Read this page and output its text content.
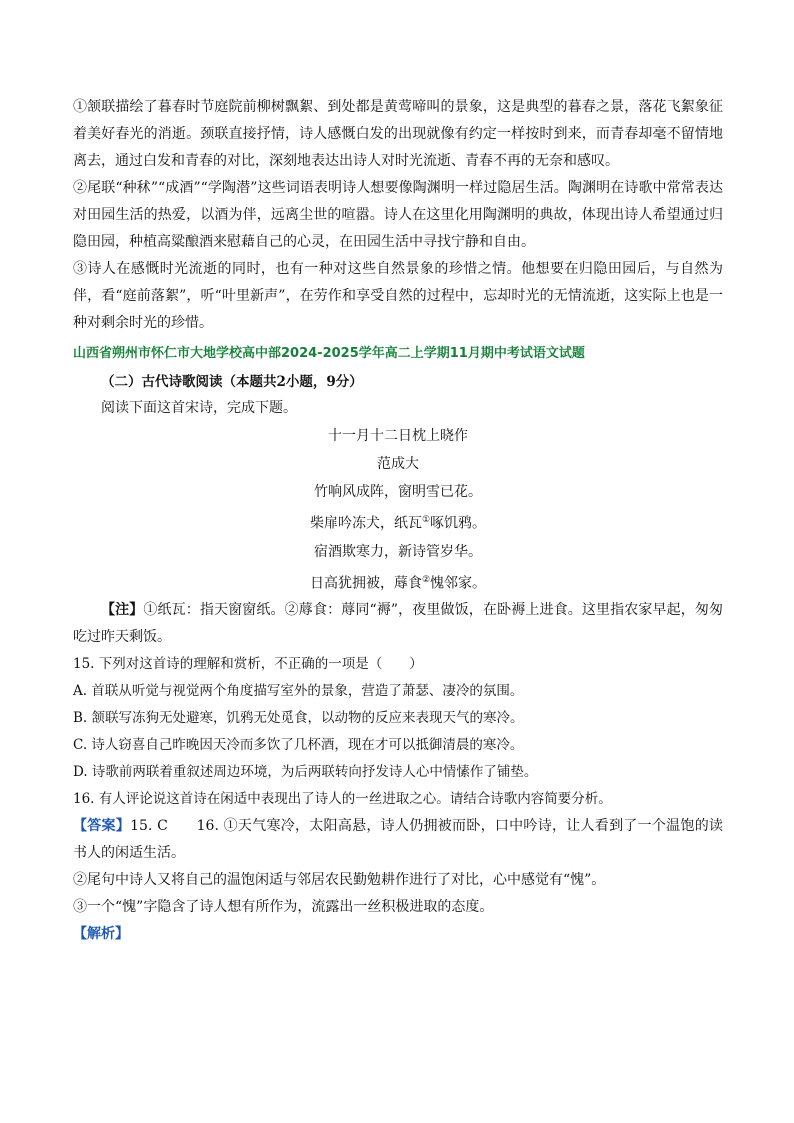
①颔联描绘了暮春时节庭院前柳树飘絮、到处都是黄莺啼叫的景象，这是典型的暮春之景，落花飞絮象征着美好春光的消逝。颈联直接抒情，诗人感慨白发的出现就像有约定一样按时到来，而青春却毫不留情地离去，通过白发和青春的对比，深刻地表达出诗人对时光流逝、青春不再的无奈和感叹。

②尾联“种秫”“成酒”“学陶潜”这些词语表明诗人想要像陶渊明一样过隐居生活。陶渊明在诗歌中常常表达对田园生活的热爱，以酒为伴，远离尘世的喧嚣。诗人在这里化用陶渊明的典故，体现出诗人希望通过归隐田园，种植高粱酿酒来慰藉自己的心灵，在田园生活中寻找宁静和自由。

③诗人在感慨时光流逝的同时，也有一种对这些自然景象的珍惜之情。他想要在归隐田园后，与自然为伴，看“庭前落絮”，听“叶里新声”，在劳作和享受自然的过程中，忘却时光的无情流逝，这实际上也是一种对剩余时光的珍惜。

山西省朔州市怀仁市大地学校高中部2024-2025学年高二上学期11月期中考试语文试题
（二）古代诗歌阅读（本题共2小题，9分）

阅读下面这首宋诗，完成下题。

十一月十二日枕上晓作

范成大

竹响风成阵，窗明雪已花。

柴扉吟冻犬，纸瓦①啄饥鸦。

宿酒欺寒力，新诗管岁华。

日高犹拥被，蓐食②愧邻家。

【注】①纸瓦：指天窗窗纸。②蓐食：蓐同“褥”，夜里做饭，在卧褥上进食。这里指农家早起，匆匆吃过昨天剩饭。

15. 下列对这首诗的理解和赏析，不正确的一项是（　　）

A. 首联从听觉与视觉两个角度描写室外的景象，营造了萧瑟、凄冷的氛围。

B. 颔联写冻狗无处避寒，饥鸦无处觅食，以动物的反应来表现天气的寒冷。

C. 诗人窃喜自己昨晚因天冷而多饮了几杯酒，现在才可以抵御清晨的寒冷。

D. 诗歌前两联着重叙述周边环境，为后两联转向抒发诗人心中情愫作了铺垫。

16. 有人评论说这首诗在闲适中表现出了诗人的一丝进取之心。请结合诗歌内容简要分析。

【答案】15. C　　16. ①天气寒冷，太阳高悬，诗人仍拥被而卧，口中吟诗，让人看到了一个温饱的读书人的闲适生活。

②尾句中诗人又将自己的温饱闲适与邻居农民勤勉耕作进行了对比，心中感觉有“愧”。

③一个“愧”字隐含了诗人想有所作为，流露出一丝积极进取的态度。

【解析】
